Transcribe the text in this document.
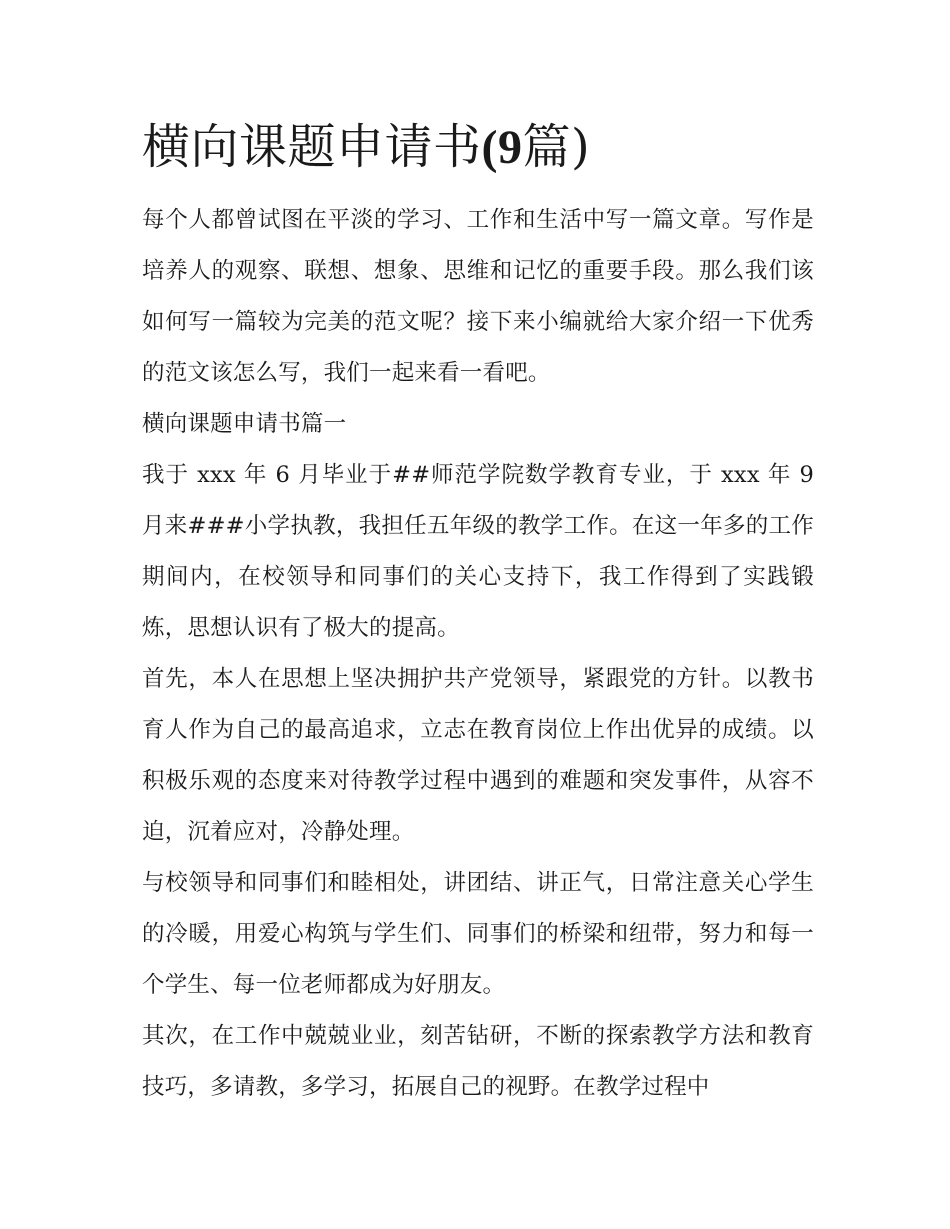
横向课题申请书(9篇)

每个人都曾试图在平淡的学习、工作和生活中写一篇文章。写作是培养人的观察、联想、想象、思维和记忆的重要手段。那么我们该如何写一篇较为完美的范文呢？接下来小编就给大家介绍一下优秀的范文该怎么写，我们一起来看一看吧。

横向课题申请书篇一

我于 xxx 年 6 月毕业于##师范学院数学教育专业，于 xxx 年 9 月来###小学执教，我担任五年级的教学工作。在这一年多的工作期间内，在校领导和同事们的关心支持下，我工作得到了实践锻炼，思想认识有了极大的提高。

首先，本人在思想上坚决拥护共产党领导，紧跟党的方针。以教书育人作为自己的最高追求，立志在教育岗位上作出优异的成绩。以积极乐观的态度来对待教学过程中遇到的难题和突发事件，从容不迫，沉着应对，冷静处理。

与校领导和同事们和睦相处，讲团结、讲正气，日常注意关心学生的冷暖，用爱心构筑与学生们、同事们的桥梁和纽带，努力和每一个学生、每一位老师都成为好朋友。

其次，在工作中兢兢业业，刻苦钻研，不断的探索教学方法和教育技巧，多请教，多学习，拓展自己的视野。在教学过程中
